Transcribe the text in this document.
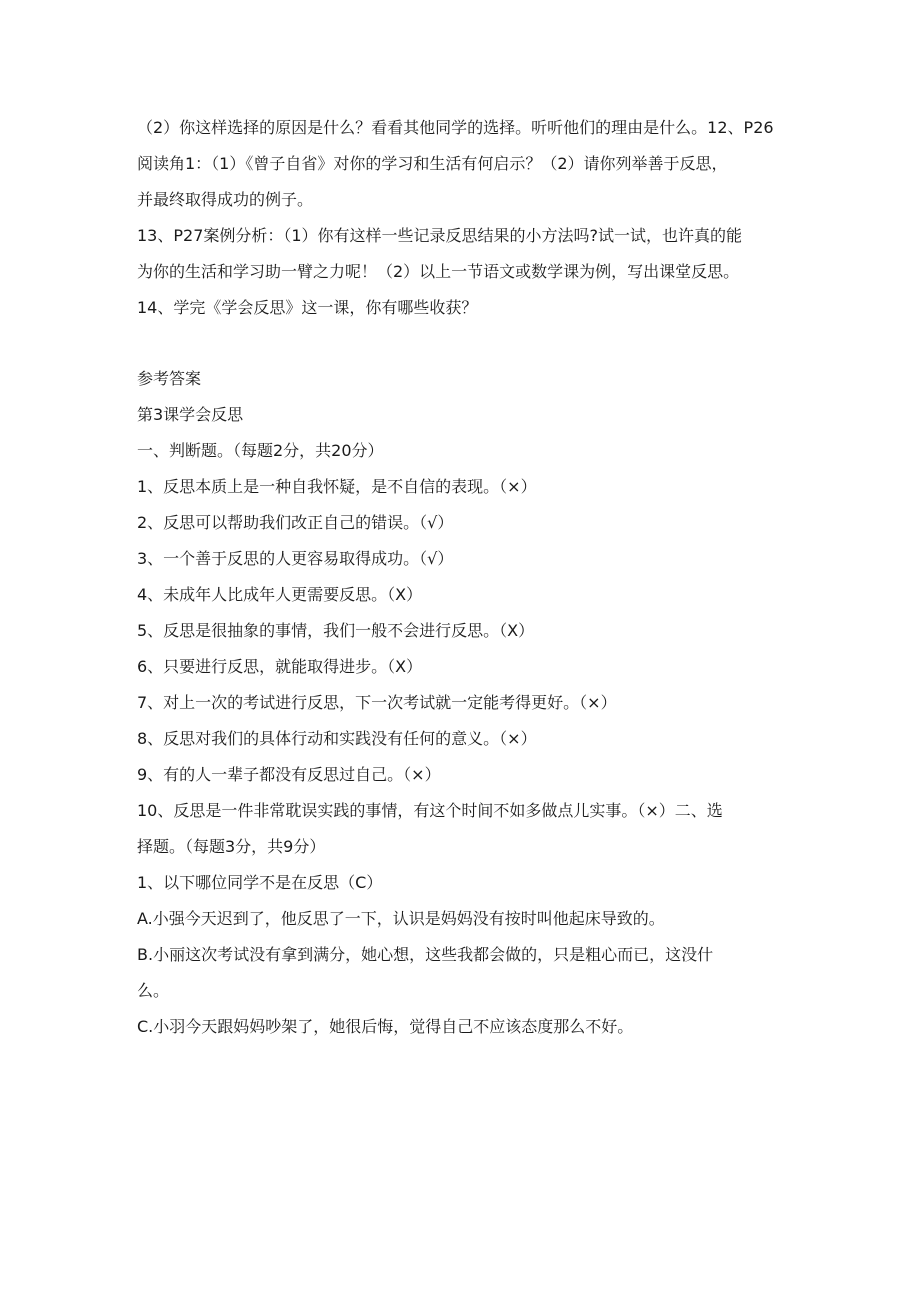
（2）你这样选择的原因是什么？看看其他同学的选择。听听他们的理由是什么。12、P26
阅读角1：（1）《曾子自省》对你的学习和生活有何启示？（2）请你列举善于反思，
并最终取得成功的例子。
13、P27案例分析：（1）你有这样一些记录反思结果的小方法吗?试一试，也许真的能
为你的生活和学习助一臂之力呢！（2）以上一节语文或数学课为例，写出课堂反思。
14、学完《学会反思》这一课，你有哪些收获？
参考答案
第3课学会反思
一、判断题。（每题2分，共20分）
1、反思本质上是一种自我怀疑，是不自信的表现。（×）
2、反思可以帮助我们改正自己的错误。（√）
3、一个善于反思的人更容易取得成功。（√）
4、未成年人比成年人更需要反思。（X）
5、反思是很抽象的事情，我们一般不会进行反思。（X）
6、只要进行反思，就能取得进步。（X）
7、对上一次的考试进行反思，下一次考试就一定能考得更好。（×）
8、反思对我们的具体行动和实践没有任何的意义。（×）
9、有的人一辈子都没有反思过自己。（×）
10、反思是一件非常耽误实践的事情，有这个时间不如多做点儿实事。（×）二、选
择题。（每题3分，共9分）
1、以下哪位同学不是在反思（C）
A.小强今天迟到了，他反思了一下，认识是妈妈没有按时叫他起床导致的。
B.小丽这次考试没有拿到满分，她心想，这些我都会做的，只是粗心而已，这没什
么。
C.小羽今天跟妈妈吵架了，她很后悔，觉得自己不应该态度那么不好。
